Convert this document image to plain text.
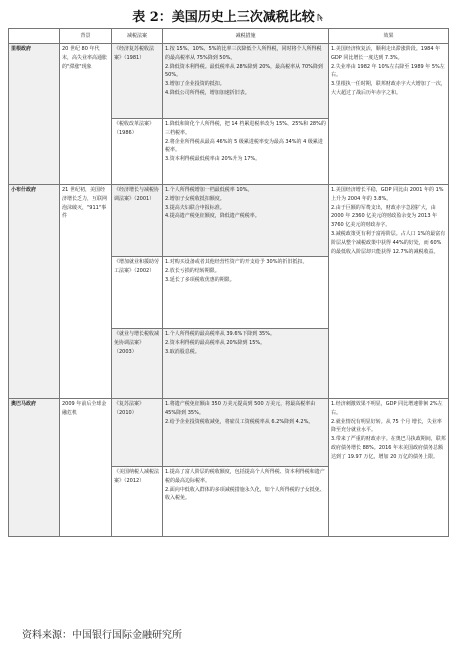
表 2：美国历史上三次减税比较
	背景	减税法案	减税措施	效果
里根政府	20 世纪 80 年代末，高失业率高通胀的"滞涨"现象	《经济复苏税收法案》（1981）	1.按 15%、10%、5%的比率三次降低个人所得税，同时将个人所得税的最高税率从 75%降到 50%。
2.降低资本利得税。最低税率从 28%降到 20%，最高税率从 70%降到 50%。
3.增加了企业投资的抵扣。
4.降低公司所得税，增加加速折旧表。	1.美国经济恢复活，顺利走出滞涨阶段。1984 年 GDP 同比增长一度达到 7.3%。
2.失业率由 1982 年 10%左右降至 1989 年 5%左右。
3.里根执一任时期，联邦财政赤字大大增加了一次，大大超过了战后历年赤字之和。

		《税收改革法案》（1986）	1.降低和简化个人所得税，把 14 档累进税率改为 15%、25%和 28%的三档税率。
2.将企业所得税从最高 46%的 5 级累进税率变为最高 34%的 4 级累进税率。
3.资本利得税最低税率由 20%升为 17%。	

小布什政府	21 世纪初，美国经济增长乏力，互联网泡沫破灭，"911"事件	《经济增长与减税协调法案》（2001）	1.个人所得税增加一档最低税率 10%。
2.增加子女税收抵扣额度。
3.提高夫妇联合申报标准。
4.提高遗产税免征额度，降低遗产税税率。	1.美国经济增长平稳，GDP 同比由 2001 年的 1%上升为 2004 年的 3.8%。
2.由于巨额的军费支出，财政赤字急剧扩大，由 2000 年 2360 亿美元的财政盈余变为 2013 年 3760 亿美元的财政赤字。
3.减税政策更有利于富裕阶层。占人口 1%的最富有阶层从整个减税政策中获得 44%的好处，而 60%的最低收入阶层却只能获得 12.7%的减税收益。

		《增加就业和援助劳工法案》（2002）	1.对购买设备或者其他经营性资产的开支给予 30%的折旧抵扣。
2.放长亏损的结转期限。
3.延长了多项税收优惠的期限。	

		《就业与增长税收减免协调法案》（2003）	1.个人所得税的最高税率从 39.6%下降到 35%。
2.资本利得税的最高税率从 20%降到 15%。
3.取消股息税。	

奥巴马政府	2009 年前后全球金融危机	《复苏法案》（2010）	1.将遗产税免征额由 350 万美元提高到 500 万美元，将最高税率由 45%降到 35%。
2.给予企业投资税收减免，将雇员工资税税率从 6.2%降到 4.2%。	1.经济刺激效果不明显，GDP 同比增速徘徊 2%左右。
2.就业情况有明显好转。从 75 个月 增长，失业率降至充分就业水平。
3.带来了严重的财政赤字。在奥巴马执政期间，联邦政府债务增长 88%。2016 年末美国政府债务总额达到了 19.97 万亿，增加 20 万亿的债务上限。

		《美国纳税人减税法案》（2012）	1.提高了富人阶层的税收额度，包括提高个人所得税、资本利得税和遗产税的最高边际税率。
2.面向中低收入群体的多项减税措施永久化，如个人所得税的子女抵免、收入税免。	
资料来源：中国银行国际金融研究所
